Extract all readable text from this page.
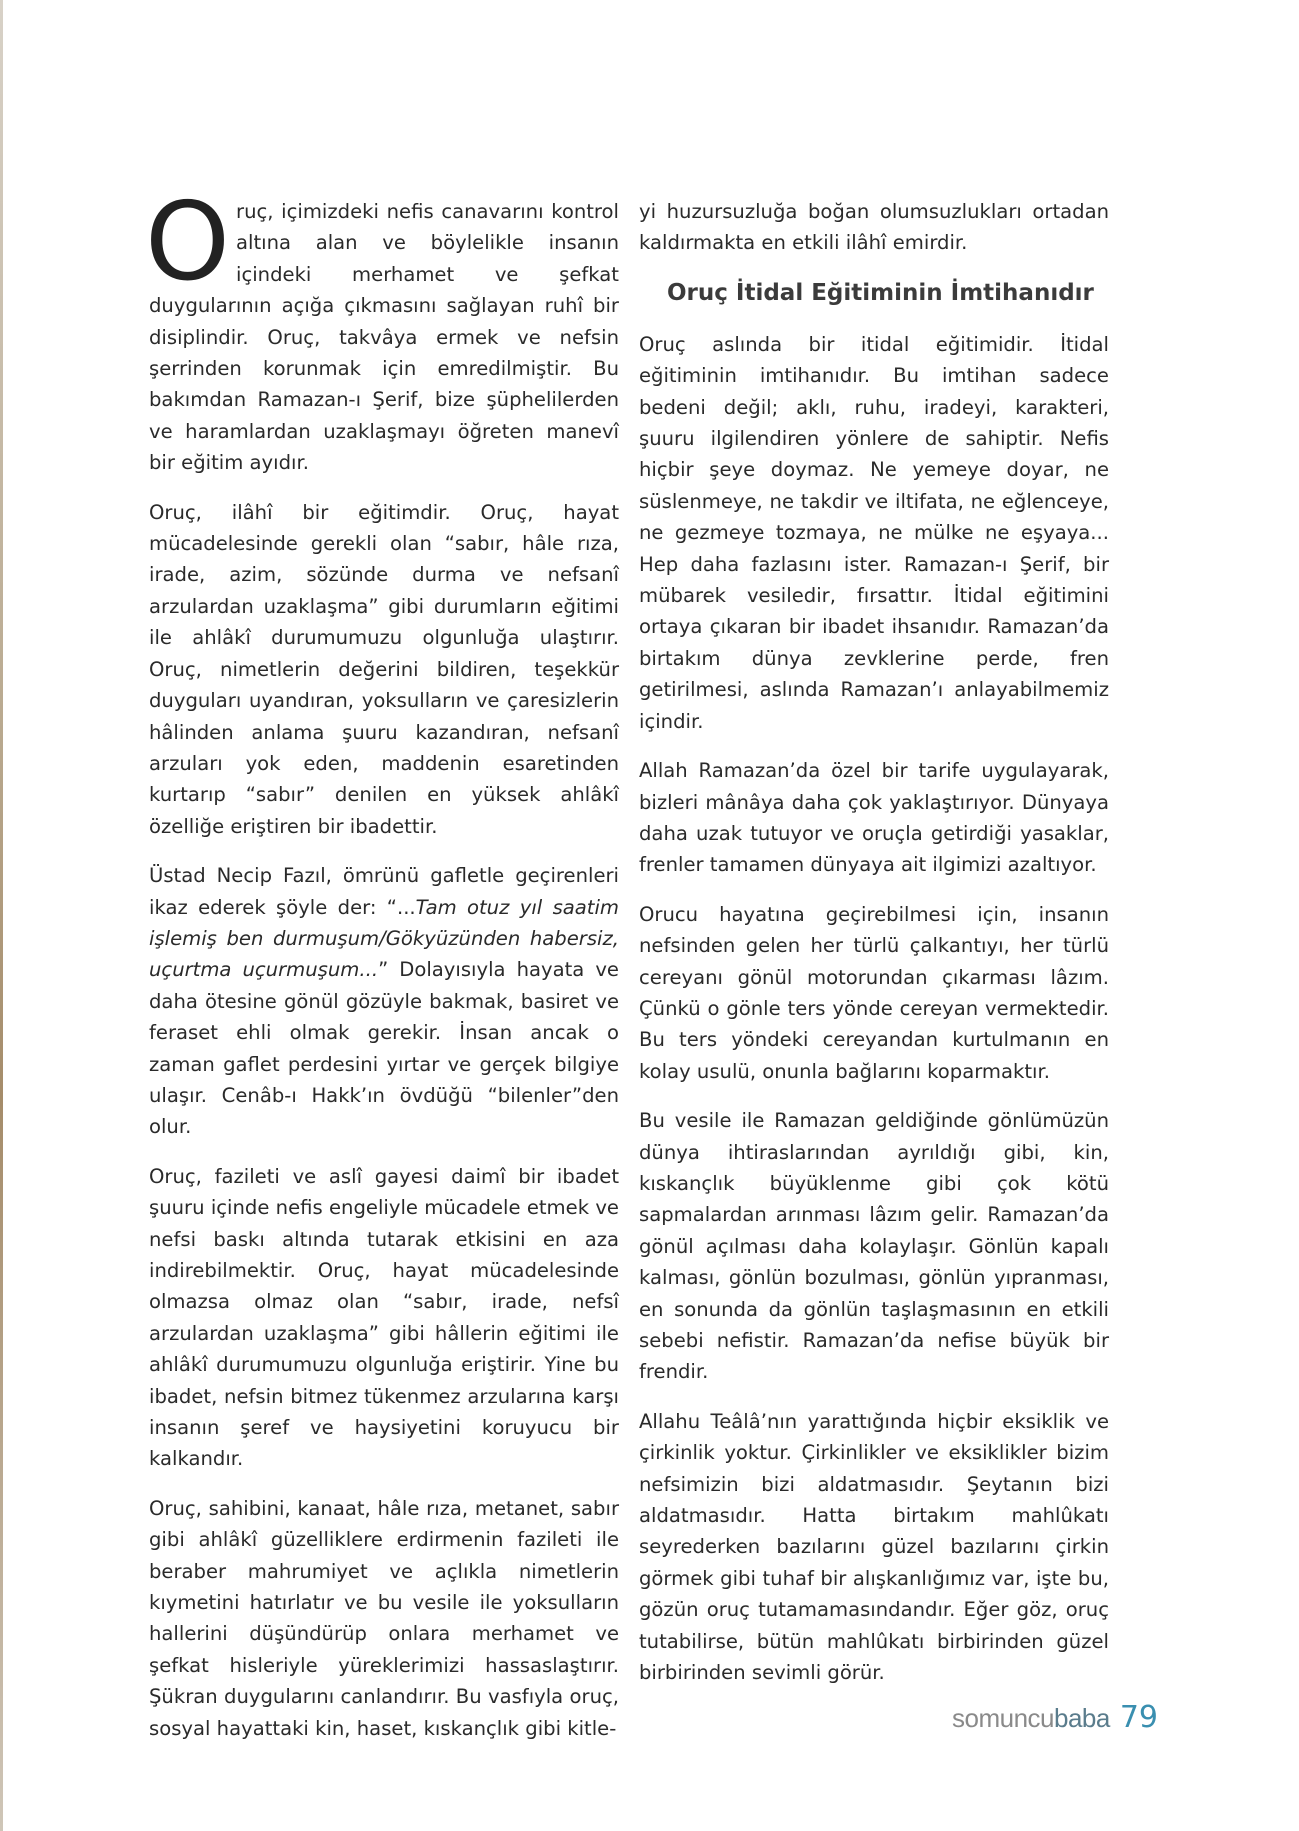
Oruç, içimizdeki nefis canavarını kontrol altına alan ve böylelikle insanın içindeki merhamet ve şefkat duygularının açığa çıkmasını sağlayan ruhî bir disiplindir. Oruç, takvâya ermek ve nefsin şerrinden korunmak için emredilmiştir. Bu bakımdan Ramazan-ı Şerif, bize şüphelilerden ve haramlardan uzaklaşmayı öğreten manevî bir eğitim ayıdır.

Oruç, ilâhî bir eğitimdir. Oruç, hayat mücadelesinde gerekli olan “sabır, hâle rıza, irade, azim, sözünde durma ve nefsanî arzulardan uzaklaşma” gibi durumların eğitimi ile ahlâkî durumumuzu olgunluğa ulaştırır. Oruç, nimetlerin değerini bildiren, teşekkür duyguları uyandıran, yoksulların ve çaresizlerin hâlinden anlama şuuru kazandıran, nefsanî arzuları yok eden, maddenin esaretinden kurtarıp “sabır” denilen en yüksek ahlâkî özelliğe eriştiren bir ibadettir.

Üstad Necip Fazıl, ömrünü gafletle geçirenleri ikaz ederek şöyle der: “...Tam otuz yıl saatim işlemiş ben durmuşum/Gökyüzünden habersiz, uçurtma uçurmuşum...” Dolayısıyla hayata ve daha ötesine gönül gözüyle bakmak, basiret ve feraset ehli olmak gerekir. İnsan ancak o zaman gaflet perdesini yırtar ve gerçek bilgiye ulaşır. Cenâb-ı Hakk’ın övdüğü “bilenler”den olur.

Oruç, fazileti ve aslî gayesi daimî bir ibadet şuuru içinde nefis engeliyle mücadele etmek ve nefsi baskı altında tutarak etkisini en aza indirebilmektir. Oruç, hayat mücadelesinde olmazsa olmaz olan “sabır, irade, nefsî arzulardan uzaklaşma” gibi hâllerin eğitimi ile ahlâkî durumumuzu olgunluğa eriştirir. Yine bu ibadet, nefsin bitmez tükenmez arzularına karşı insanın şeref ve haysiyetini koruyucu bir kalkandır.

Oruç, sahibini, kanaat, hâle rıza, metanet, sabır gibi ahlâkî güzelliklere erdirmenin fazileti ile beraber mahrumiyet ve açlıkla nimetlerin kıymetini hatırlatır ve bu vesile ile yoksulların hallerini düşündürüp onlara merhamet ve şefkat hisleriyle yüreklerimizi hassaslaştırır. Şükran duygularını canlandırır. Bu vasfıyla oruç, sosyal hayattaki kin, haset, kıskançlık gibi kitle-

yi huzursuzluğa boğan olumsuzlukları ortadan kaldırmakta en etkili ilâhî emirdir.

Oruç İtidal Eğitiminin İmtihanıdır

Oruç aslında bir itidal eğitimidir. İtidal eğitiminin imtihanıdır. Bu imtihan sadece bedeni değil; aklı, ruhu, iradeyi, karakteri, şuuru ilgilendiren yönlere de sahiptir. Nefis hiçbir şeye doymaz. Ne yemeye doyar, ne süslenmeye, ne takdir ve iltifata, ne eğlenceye, ne gezmeye tozmaya, ne mülke ne eşyaya... Hep daha fazlasını ister. Ramazan-ı Şerif, bir mübarek vesiledir, fırsattır. İtidal eğitimini ortaya çıkaran bir ibadet ihsanıdır. Ramazan’da birtakım dünya zevklerine perde, fren getirilmesi, aslında Ramazan’ı anlayabilmemiz içindir.

Allah Ramazan’da özel bir tarife uygulayarak, bizleri mânâya daha çok yaklaştırıyor. Dünyaya daha uzak tutuyor ve oruçla getirdiği yasaklar, frenler tamamen dünyaya ait ilgimizi azaltıyor.

Orucu hayatına geçirebilmesi için, insanın nefsinden gelen her türlü çalkantıyı, her türlü cereyanı gönül motorundan çıkarması lâzım. Çünkü o gönle ters yönde cereyan vermektedir. Bu ters yöndeki cereyandan kurtulmanın en kolay usulü, onunla bağlarını koparmaktır.

Bu vesile ile Ramazan geldiğinde gönlümüzün dünya ihtiraslarından ayrıldığı gibi, kin, kıskançlık büyüklenme gibi çok kötü sapmalardan arınması lâzım gelir. Ramazan’da gönül açılması daha kolaylaşır. Gönlün kapalı kalması, gönlün bozulması, gönlün yıpranması, en sonunda da gönlün taşlaşmasının en etkili sebebi nefistir. Ramazan’da nefise büyük bir frendir.

Allahu Teâlâ’nın yarattığında hiçbir eksiklik ve çirkinlik yoktur. Çirkinlikler ve eksiklikler bizim nefsimizin bizi aldatmasıdır. Şeytanın bizi aldatmasıdır. Hatta birtakım mahlûkatı seyrederken bazılarını güzel bazılarını çirkin görmek gibi tuhaf bir alışkanlığımız var, işte bu, gözün oruç tutamamasındandır. Eğer göz, oruç tutabilirse, bütün mahlûkatı birbirinden güzel birbirinden sevimli görür.

somuncubaba 79
